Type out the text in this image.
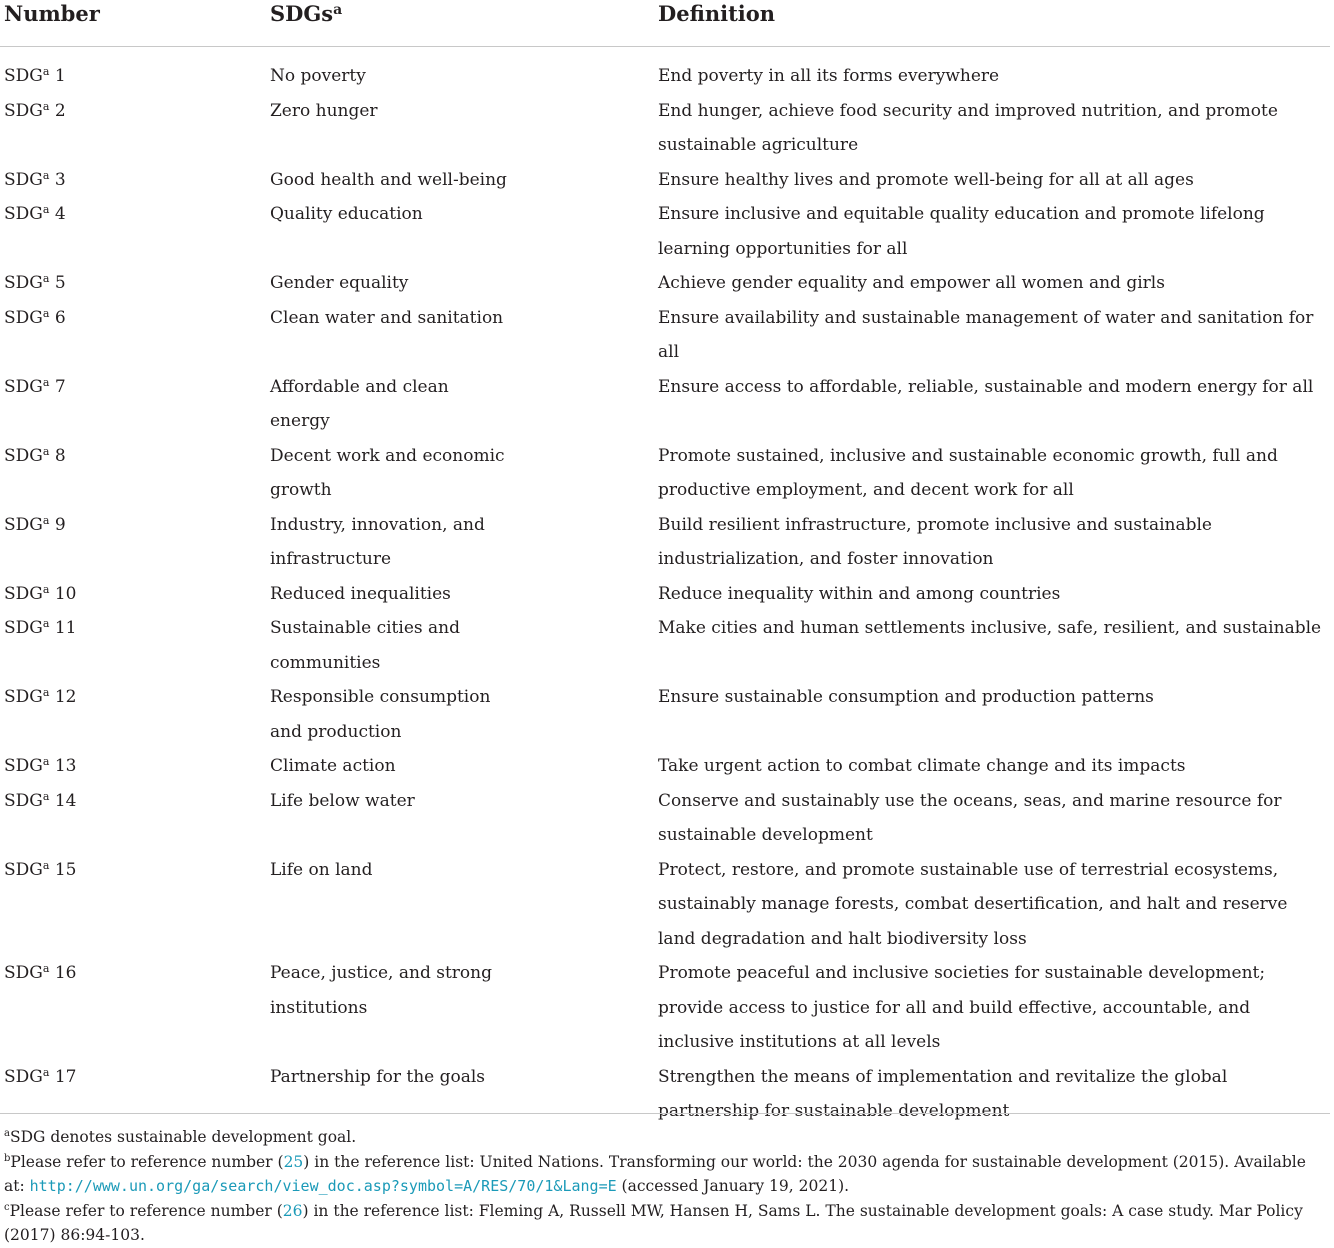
Number	SDGs$^a$	Definition

SDG$^a$ 1	No poverty	End poverty in all its forms everywhere
SDG$^a$ 2	Zero hunger	End hunger, achieve food security and improved nutrition, and promote sustainable agriculture
SDG$^a$ 3	Good health and well-being	Ensure healthy lives and promote well-being for all at all ages
SDG$^a$ 4	Quality education	Ensure inclusive and equitable quality education and promote lifelong learning opportunities for all
SDG$^a$ 5	Gender equality	Achieve gender equality and empower all women and girls
SDG$^a$ 6	Clean water and sanitation	Ensure availability and sustainable management of water and sanitation for all
SDG$^a$ 7	Affordable and clean energy	Ensure access to affordable, reliable, sustainable and modern energy for all
SDG$^a$ 8	Decent work and economic growth	Promote sustained, inclusive and sustainable economic growth, full and productive employment, and decent work for all
SDG$^a$ 9	Industry, innovation, and infrastructure	Build resilient infrastructure, promote inclusive and sustainable industrialization, and foster innovation
SDG$^a$ 10	Reduced inequalities	Reduce inequality within and among countries
SDG$^a$ 11	Sustainable cities and communities	Make cities and human settlements inclusive, safe, resilient, and sustainable
SDG$^a$ 12	Responsible consumption and production	Ensure sustainable consumption and production patterns
SDG$^a$ 13	Climate action	Take urgent action to combat climate change and its impacts
SDG$^a$ 14	Life below water	Conserve and sustainably use the oceans, seas, and marine resource for sustainable development
SDG$^a$ 15	Life on land	Protect, restore, and promote sustainable use of terrestrial ecosystems, sustainably manage forests, combat desertification, and halt and reserve land degradation and halt biodiversity loss
SDG$^a$ 16	Peace, justice, and strong institutions	Promote peaceful and inclusive societies for sustainable development; provide access to justice for all and build effective, accountable, and inclusive institutions at all levels
SDG$^a$ 17	Partnership for the goals	Strengthen the means of implementation and revitalize the global partnership for sustainable development

$^a$SDG denotes sustainable development goal.

$^b$Please refer to reference number (25) in the reference list: United Nations. Transforming our world: the 2030 agenda for sustainable development (2015). Available at: http://www.un.org/ga/search/view_doc.asp?symbol=A/RES/70/1&Lang=E (accessed January 19, 2021).

$^c$Please refer to reference number (26) in the reference list: Fleming A, Russell MW, Hansen H, Sams L. The sustainable development goals: A case study. Mar Policy (2017) 86:94-103.
